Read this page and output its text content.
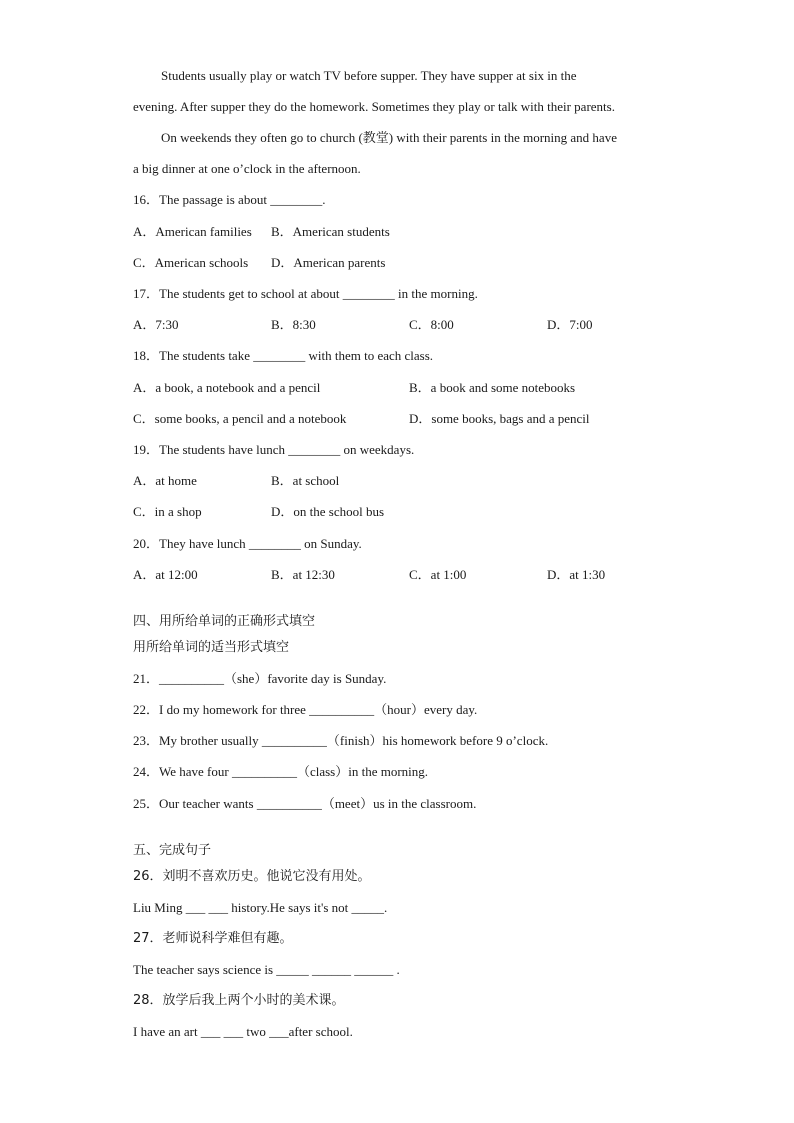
Students usually play or watch TV before supper. They have supper at six in the
evening. After supper they do the homework. Sometimes they play or talk with their parents.
On weekends they often go to church (教堂) with their parents in the morning and have
a big dinner at one o’clock in the afternoon.
16．The passage is about ________.
A．American families B．American students
C．American schools D．American parents
17．The students get to school at about ________ in the morning.
A．7:30	B．8:30	C．8:00	D．7:00
18．The students take ________ with them to each class.
A．a book, a notebook and a pencil	B．a book and some notebooks
C．some books, a pencil and a notebook	D．some books, bags and a pencil
19．The students have lunch ________ on weekdays.
A．at home	B．at school
C．in a shop	D．on the school bus
20．They have lunch ________ on Sunday.
A．at 12:00	B．at 12:30	C．at 1:00	D．at 1:30
四、用所给单词的正确形式填空
用所给单词的适当形式填空
21．__________（she）favorite day is Sunday.
22．I do my homework for three __________（hour）every day.
23．My brother usually __________（finish）his homework before 9 o’clock.
24．We have four __________（class）in the morning.
25．Our teacher wants __________（meet）us in the classroom.
五、完成句子
26．刘明不喜欢历史。他说它没有用处。
Liu Ming ___ ___ history.He says it's not _____.
27．老师说科学难但有趣。
The teacher says science is _____ ______ ______ .
28．放学后我上两个小时的美术课。
I have an art ___ ___ two ___after school.
